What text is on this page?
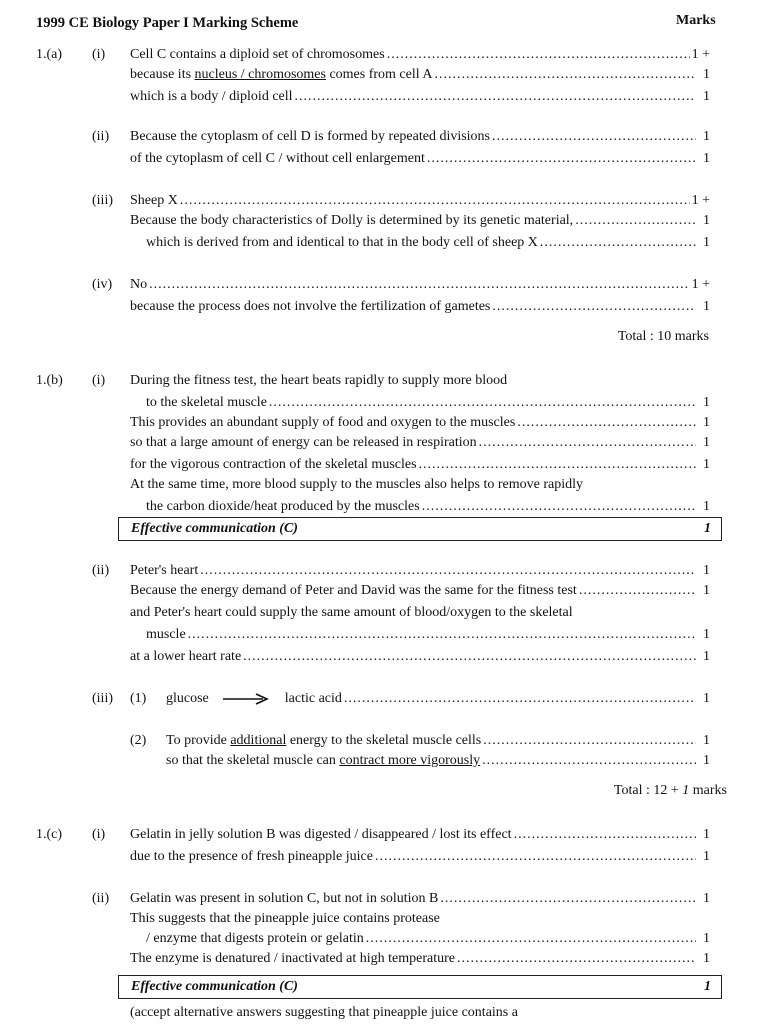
1999 CE Biology Paper I Marking Scheme	Marks
1.(a) (i) Cell C contains a diploid set of chromosomes .....	1 +
because its nucleus / chromosomes comes from cell A .....	1
which is a body / diploid cell .....	1
(ii) Because the cytoplasm of cell D is formed by repeated divisions .....	1
of the cytoplasm of cell C / without cell enlargement .....	1
(iii) Sheep X .....	1 +
Because the body characteristics of Dolly is determined by its genetic material, .....	1
which is derived from and identical to that in the body cell of sheep X .....	1
(iv) No .....	1 +
because the process does not involve the fertilization of gametes .....	1
Total : 10 marks
1.(b) (i) During the fitness test, the heart beats rapidly to supply more blood
to the skeletal muscle .....	1
This provides an abundant supply of food and oxygen to the muscles .....	1
so that a large amount of energy can be released in respiration .....	1
for the vigorous contraction of the skeletal muscles .....	1
At the same time, more blood supply to the muscles also helps to remove rapidly
the carbon dioxide/heat produced by the muscles .....	1
Effective communication (C)	1
(ii) Peter's heart .....	1
Because the energy demand of Peter and David was the same for the fitness test .....	1
and Peter's heart could supply the same amount of blood/oxygen to the skeletal
muscle .....	1
at a lower heart rate .....	1
(iii) (1) glucose	lactic acid .....	1
(2) To provide additional energy to the skeletal muscle cells .....	1
so that the skeletal muscle can contract more vigorously .....	1
Total : 12 + 1 marks
1.(c) (i) Gelatin in jelly solution B was digested / disappeared / lost its effect .....	1
due to the presence of fresh pineapple juice .....	1
(ii) Gelatin was present in solution C, but not in solution B .....	1
This suggests that the pineapple juice contains protease
/ enzyme that digests protein or gelatin .....	1
The enzyme is denatured / inactivated at high temperature .....	1
Effective communication (C)	1
(accept alternative answers suggesting that pineapple juice contains a
